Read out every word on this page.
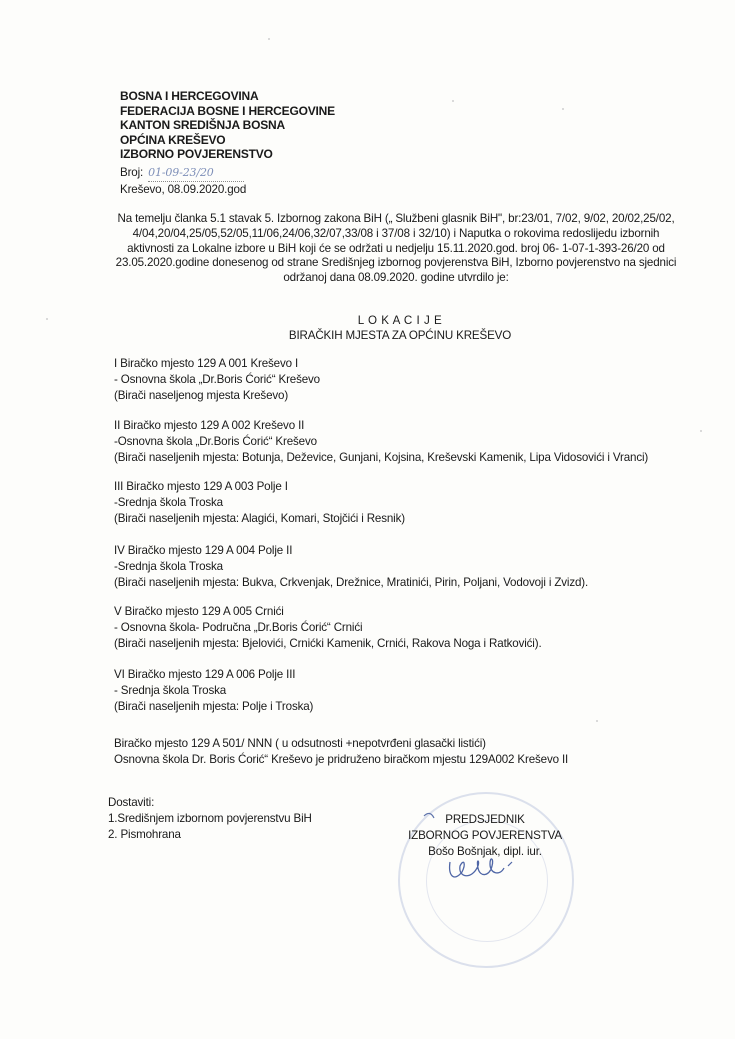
BOSNA I HERCEGOVINA
FEDERACIJA BOSNE I HERCEGOVINE
KANTON SREDIŠNJA BOSNA
OPĆINA KREŠEVO
IZBORNO POVJERENSTVO
Broj: 01-09-23/20
Kreševo, 08.09.2020.god
Na temelju članka 5.1 stavak 5. Izbornog zakona BiH („ Službeni glasnik BiH", br:23/01, 7/02, 9/02, 20/02,25/02,
4/04,20/04,25/05,52/05,11/06,24/06,32/07,33/08 i 37/08 i 32/10) i Naputka o rokovima redoslijedu izbornih
aktivnosti za Lokalne izbore u BiH koji će se održati u nedjelju 15.11.2020.god. broj 06- 1-07-1-393-26/20 od
23.05.2020.godine donesenog od strane Središnjeg izbornog povjerenstva BiH, Izborno povjerenstvo na sjednici
održanoj dana 08.09.2020. godine utvrdilo je:
L O K A C I J E
BIRAČKIH MJESTA ZA OPĆINU KREŠEVO
I Biračko mjesto 129 A 001 Kreševo I
- Osnovna škola „Dr.Boris Ćorić“ Kreševo
(Birači naseljenog mjesta Kreševo)
II Biračko mjesto 129 A 002 Kreševo II
-Osnovna škola „Dr.Boris Ćorić“ Kreševo
(Birači naseljenih mjesta: Botunja, Deževice, Gunjani, Kojsina, Kreševski Kamenik, Lipa Vidosovići i Vranci)
III Biračko mjesto 129 A 003 Polje I
-Srednja škola Troska
(Birači naseljenih mjesta: Alagići, Komari, Stojčići i Resnik)
IV Biračko mjesto 129 A 004 Polje II
-Srednja škola Troska
(Birači naseljenih mjesta: Bukva, Crkvenjak, Drežnice, Mratinići, Pirin, Poljani, Vodovoji i Zvizd).
V Biračko mjesto 129 A 005 Crnići
- Osnovna škola- Područna „Dr.Boris Ćorić“ Crnići
(Birači naseljenih mjesta: Bjelovići, Crnićki Kamenik, Crnići, Rakova Noga i Ratkovići).
VI Biračko mjesto 129 A 006 Polje III
- Srednja škola Troska
(Birači naseljenih mjesta: Polje i Troska)
Biračko mjesto 129 A 501/ NNN ( u odsutnosti +nepotvrđeni glasački listići)
Osnovna škola Dr. Boris Ćorić“ Kreševo je pridruženo biračkom mjestu 129A002 Kreševo II
Dostaviti:
1.Središnjem izbornom povjerenstvu BiH
2. Pismohrana
PREDSJEDNIK
IZBORNOG POVJERENSTVA
Bošo Bošnjak, dipl. iur.
